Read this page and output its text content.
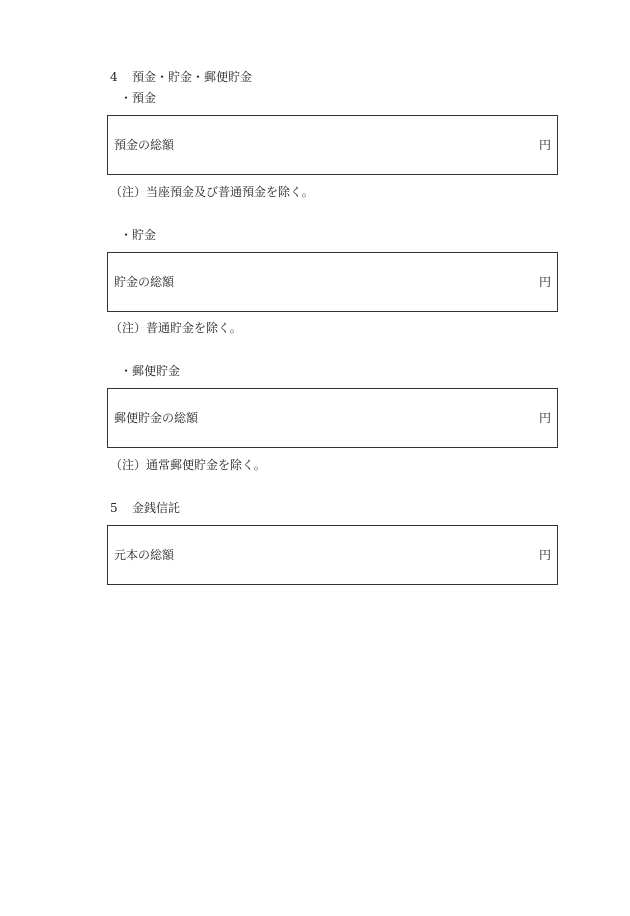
4 預金・貯金・郵便貯金
・預金
預金の総額	円
（注）当座預金及び普通預金を除く。
・貯金
貯金の総額	円
（注）普通貯金を除く。
・郵便貯金
郵便貯金の総額	円
（注）通常郵便貯金を除く。
5 金銭信託
元本の総額	円
